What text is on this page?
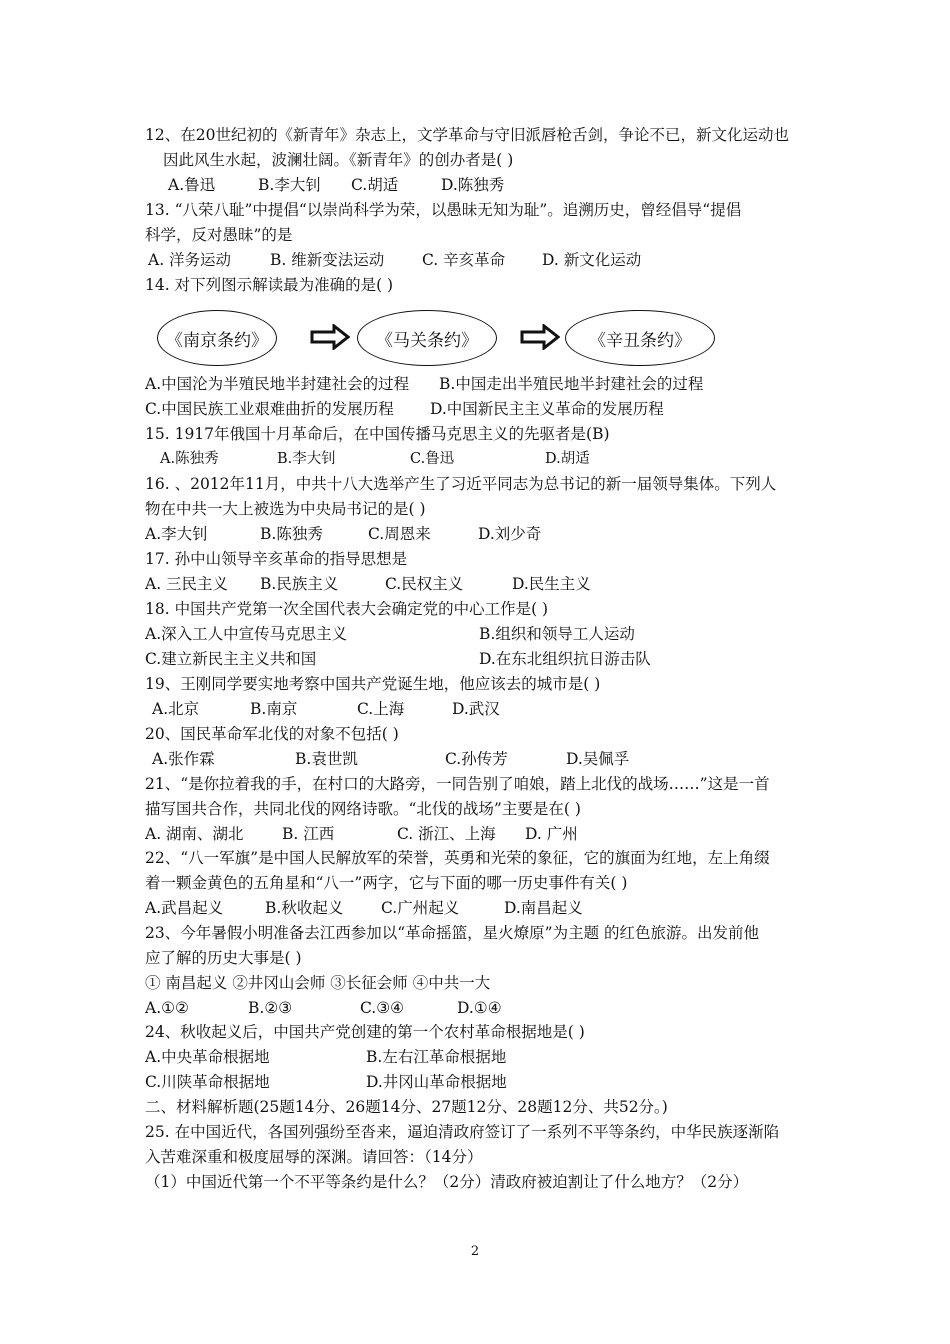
12、在20世纪初的《新青年》杂志上，文学革命与守旧派唇枪舌剑，争论不已，新文化运动也
因此风生水起，波澜壮阔。《新青年》的创办者是( )
A.鲁迅	B.李大钊 C.胡适	D.陈独秀
13. “八荣八耻”中提倡“以崇尚科学为荣，以愚昧无知为耻”。追溯历史，曾经倡导“提倡
科学，反对愚昧”的是
A. 洋务运动	B. 维新变法运动 C. 辛亥革命 D. 新文化运动
14. 对下列图示解读最为准确的是( )
《南京条约》	《马关条约》	《辛丑条约》
A.中国沦为半殖民地半封建社会的过程 B.中国走出半殖民地半封建社会的过程
C.中国民族工业艰难曲折的发展历程 D.中国新民主主义革命的发展历程
15. 1917年俄国十月革命后，在中国传播马克思主义的先驱者是(B)
A.陈独秀	B.李大钊	C.鲁迅	D.胡适
16. 、2012年11月，中共十八大选举产生了习近平同志为总书记的新一届领导集体。下列人
物在中共一大上被选为中央局书记的是( )
A.李大钊	B.陈独秀	C.周恩来	D.刘少奇
17. 孙中山领导辛亥革命的指导思想是
A. 三民主义 B.民族主义	C.民权主义	D.民生主义
18. 中国共产党第一次全国代表大会确定党的中心工作是( )
A.深入工人中宣传马克思主义	B.组织和领导工人运动
C.建立新民主主义共和国	D.在东北组织抗日游击队
19、王刚同学要实地考察中国共产党诞生地，他应该去的城市是( )
A.北京	B.南京	C.上海	D.武汉
20、国民革命军北伐的对象不包括( )
A.张作霖	B.袁世凯	C.孙传芳	D.吴佩孚
21、“是你拉着我的手，在村口的大路旁，一同告别了咱娘，踏上北伐的战场……”这是一首
描写国共合作，共同北伐的网络诗歌。“北伐的战场”主要是在( )
A. 湖南、湖北 B. 江西	C. 浙江、上海 D. 广州
22、“八一军旗”是中国人民解放军的荣誉，英勇和光荣的象征，它的旗面为红地，左上角缀
着一颗金黄色的五角星和“八一”两字，它与下面的哪一历史事件有关( )
A.武昌起义	B.秋收起义 C.广州起义	D.南昌起义
23、今年暑假小明准备去江西参加以“革命摇篮，星火燎原”为主题 的红色旅游。出发前他
应了解的历史大事是( )
① 南昌起义 ②井冈山会师 ③长征会师 ④中共一大
A.①②	B.②③	C.③④	D.①④
24、秋收起义后，中国共产党创建的第一个农村革命根据地是( )
A.中央革命根据地	B.左右江革命根据地
C.川陕革命根据地	D.井冈山革命根据地
二、材料解析题(25题14分、26题14分、27题12分、28题12分、共52分。)
25. 在中国近代，各国列强纷至沓来，逼迫清政府签订了一系列不平等条约，中华民族逐渐陷
入苦难深重和极度屈辱的深渊。请回答：（14分）
（1）中国近代第一个不平等条约是什么？（2分）清政府被迫割让了什么地方？（2分）
2
